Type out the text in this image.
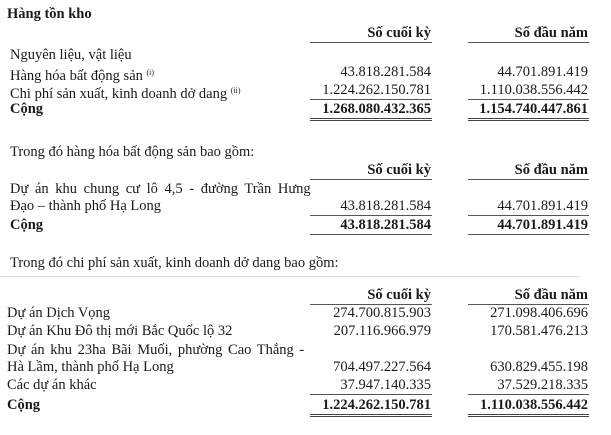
Hàng tồn kho
Số cuối kỳ	Số đầu năm
Nguyên liệu, vật liệu
Hàng hóa bất động sản $^{(i)}$	43.818.281.584	44.701.891.419
Chi phí sản xuất, kinh doanh dở dang $^{(ii)}$	1.224.262.150.781	1.110.038.556.442
Cộng	1.268.080.432.365	1.154.740.447.861
Trong đó hàng hóa bất động sản bao gồm:
Số cuối kỳ	Số đầu năm
Dự án khu chung cư lô 4,5 - đường Trần Hưng
Đạo – thành phố Hạ Long	43.818.281.584	44.701.891.419
Cộng	43.818.281.584	44.701.891.419
Trong đó chi phí sản xuất, kinh doanh dở dang bao gồm:
Số cuối kỳ	Số đầu năm
Dự án Dịch Vọng	274.700.815.903	271.098.406.696
Dự án Khu Đô thị mới Bắc Quốc lộ 32	207.116.966.979	170.581.476.213
Dự án khu 23ha Bãi Muối, phường Cao Thắng -
Hà Lầm, thành phố Hạ Long	704.497.227.564	630.829.455.198
Các dự án khác	37.947.140.335	37.529.218.335
Cộng	1.224.262.150.781	1.110.038.556.442
